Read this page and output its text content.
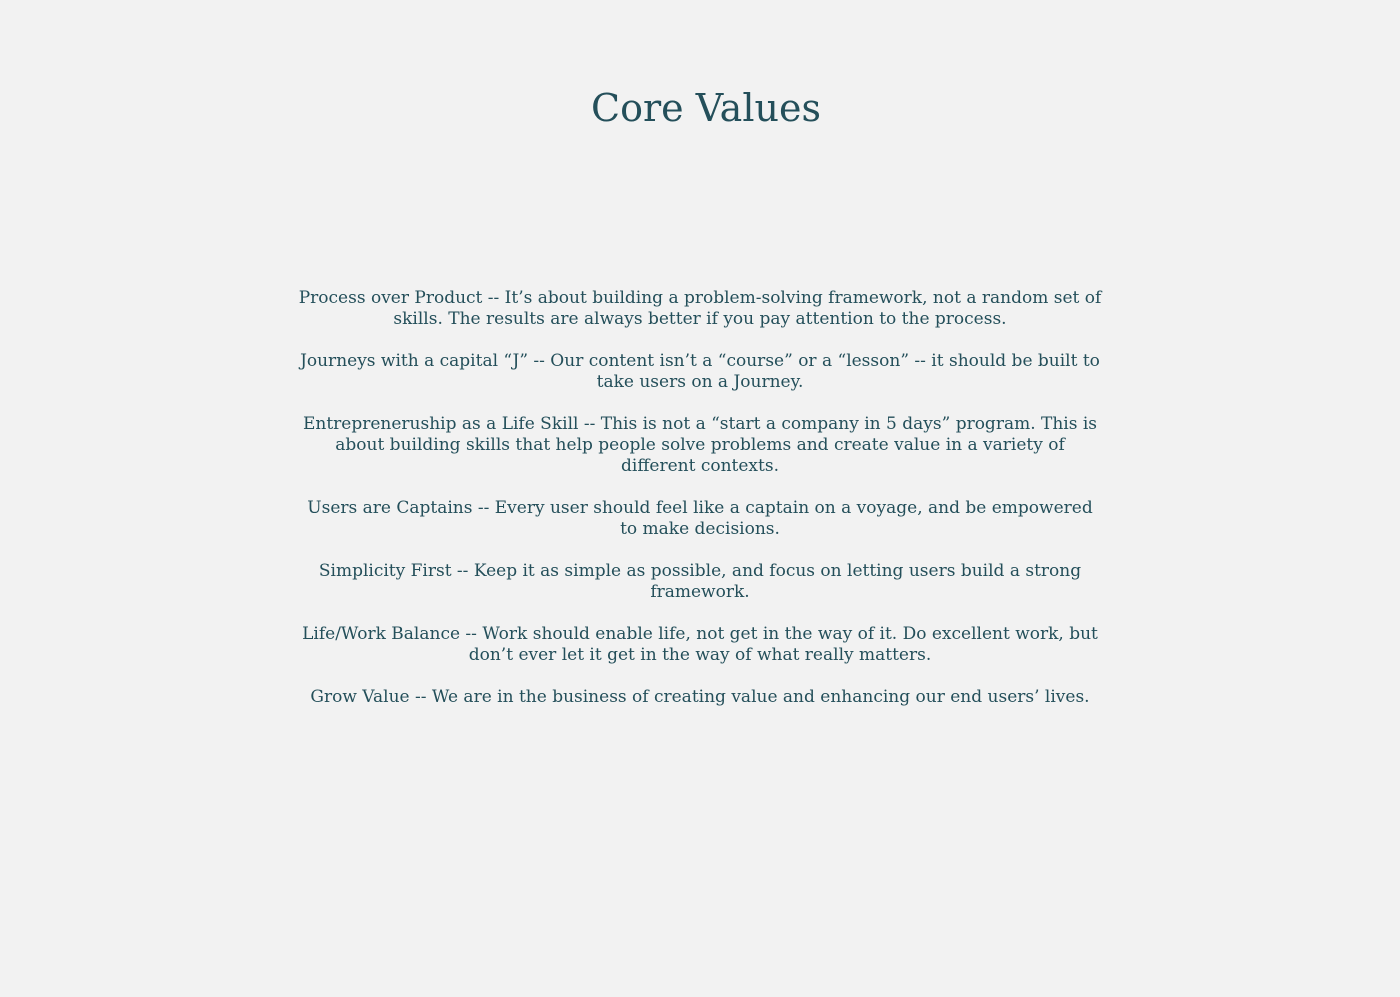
Core Values

Process over Product -- It’s about building a problem-solving framework, not a random set of skills. The results are always better if you pay attention to the process.

Journeys with a capital “J” -- Our content isn’t a “course” or a “lesson” -- it should be built to take users on a Journey.

Entrepreneruship as a Life Skill -- This is not a “start a company in 5 days” program. This is about building skills that help people solve problems and create value in a variety of different contexts.

Users are Captains -- Every user should feel like a captain on a voyage, and be empowered to make decisions.

Simplicity First -- Keep it as simple as possible, and focus on letting users build a strong framework.

Life/Work Balance -- Work should enable life, not get in the way of it. Do excellent work, but don’t ever let it get in the way of what really matters.

Grow Value -- We are in the business of creating value and enhancing our end users’ lives.
